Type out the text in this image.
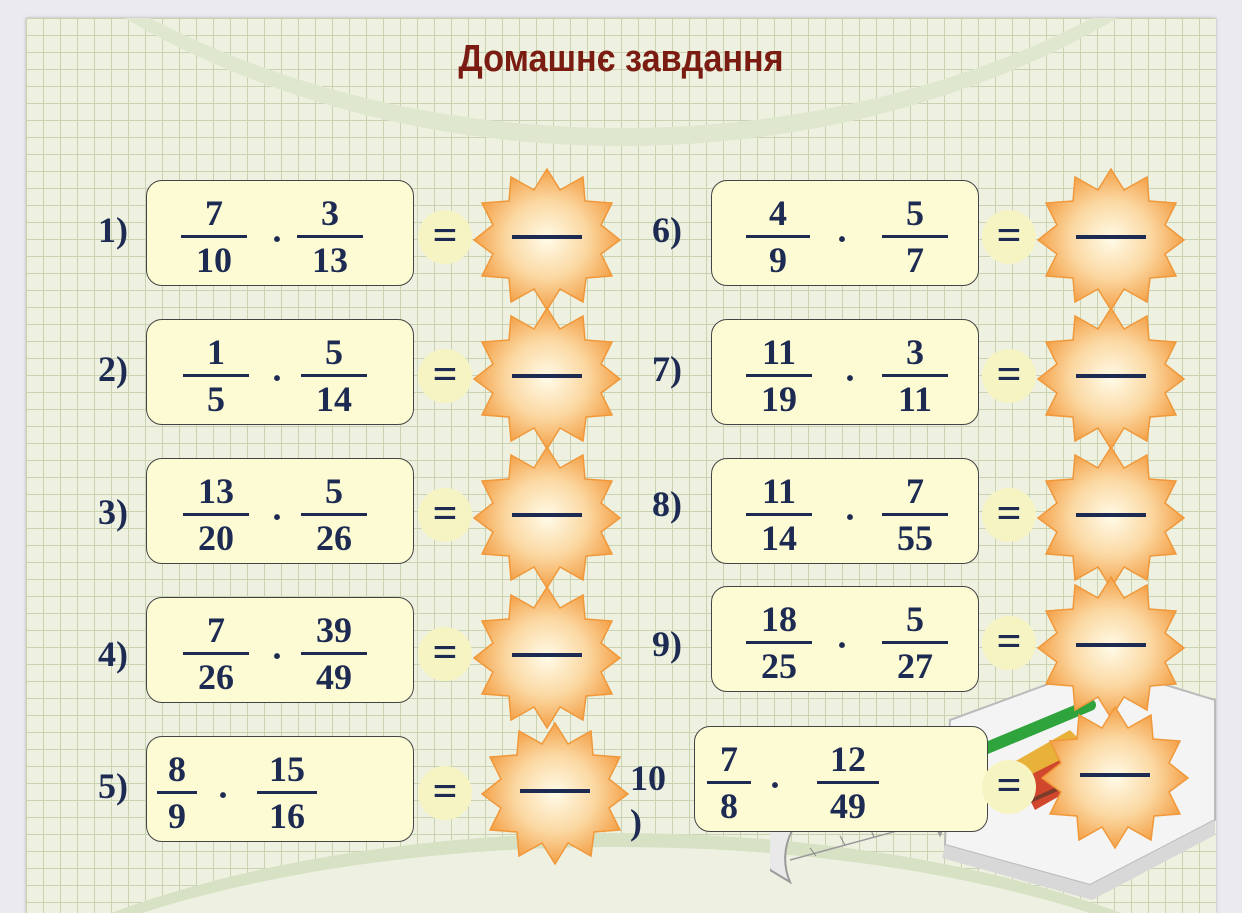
Домашнє завдання
1)	7
10
·
3
13	=
2)	1
5
·
5
14	=
3)
13
20
·
5
26	=
4)
7
26
·
39
49	=
5)	8
9
·
15
16	=
6)	4
9
·
5
7	=
7)	11
19
·
3
11	=
8)	11
14
·
7
55	=
9)
18
25
·
5
27	=
10
)
7
8
·
12
49	=
